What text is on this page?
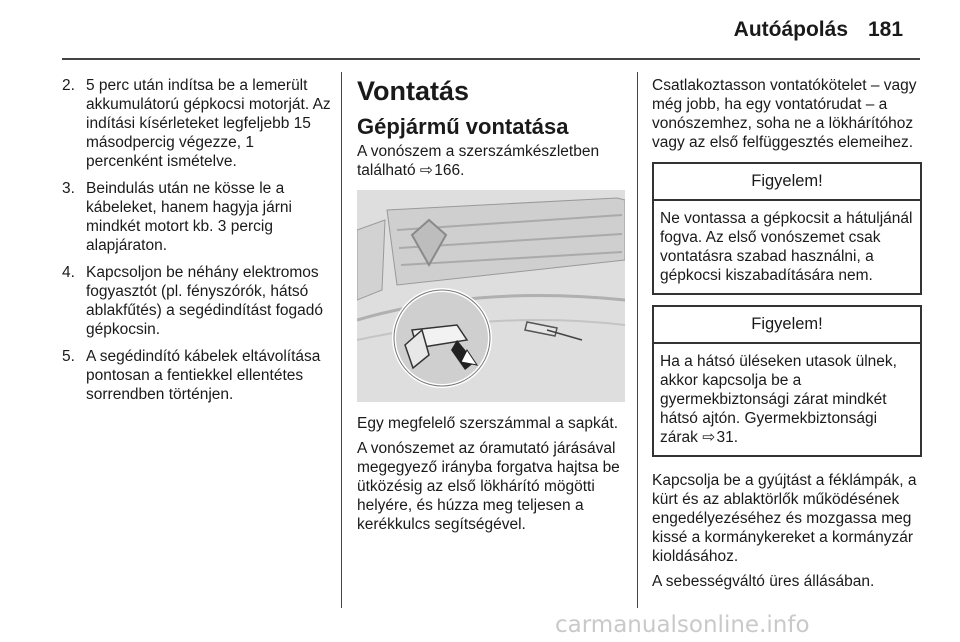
Autóápolás 181
2. 5 perc után indítsa be a lemerült akkumulátorú gépkocsi motorját. Az indítási kísérleteket legfeljebb 15 másodpercig végezze, 1 percenként ismételve.
3. Beindulás után ne kösse le a kábeleket, hanem hagyja járni mindkét motort kb. 3 percig alapjáraton.
4. Kapcsoljon be néhány elektromos fogyasztót (pl. fényszórók, hátsó ablakfűtés) a segédindítást fogadó gépkocsin.
5. A segédindító kábelek eltávolítása pontosan a fentiekkel ellentétes sorrendben történjen.
Vontatás
Gépjármű vontatása

A vonószem a szerszámkészletben található ⇨ 166.

Egy megfelelő szerszámmal a sapkát.

A vonószemet az óramutató járásával megegyező irányba forgatva hajtsa be ütközésig az első lökhárító mögötti helyére, és húzza meg teljesen a kerékkulcs segítségével.

Csatlakoztasson vontatókötelet – vagy még jobb, ha egy vontatórudat – a vonószemhez, soha ne a lökhárítóhoz vagy az első felfüggesztés elemeihez.

Figyelem!
Ne vontassa a gépkocsit a hátuljánál fogva. Az első vonószemet csak vontatásra szabad használni, a gépkocsi kiszabadítására nem.
Figyelem!
Ha a hátsó üléseken utasok ülnek, akkor kapcsolja be a gyermekbiztonsági zárat mindkét hátsó ajtón. Gyermekbiztonsági zárak ⇨ 31.

Kapcsolja be a gyújtást a féklámpák, a kürt és az ablaktörlők működésének engedélyezéséhez és mozgassa meg kissé a kormánykereket a kormányzár kioldásához.

A sebességváltó üres állásában.

carmanualsonline.info
